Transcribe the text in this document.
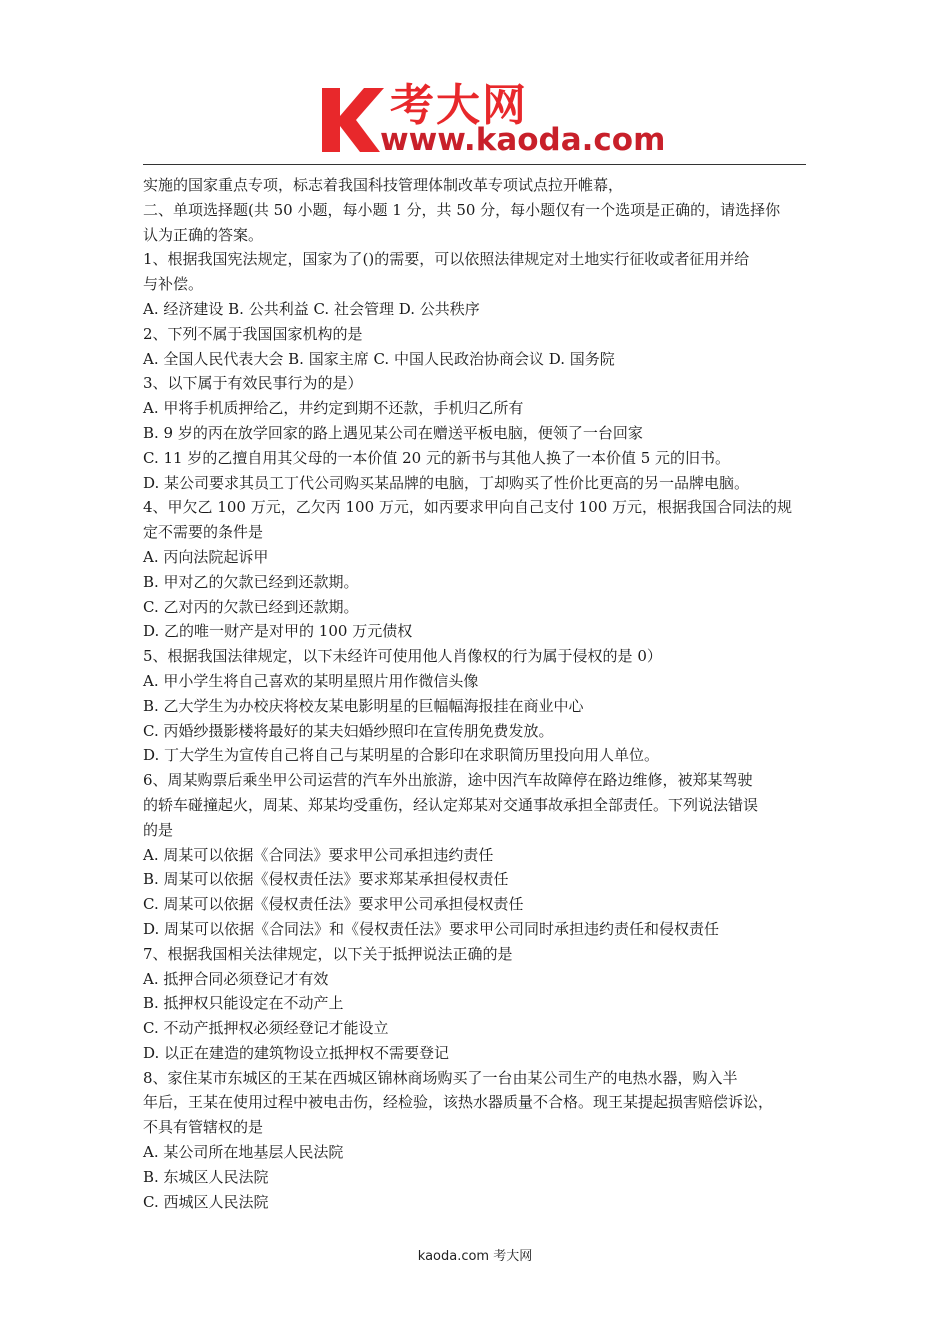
考大网
www.kaoda.com
实施的国家重点专项，标志着我国科技管理体制改革专项试点拉开帷幕，
二、单项选择题(共 50 小题，每小题 1 分，共 50 分，每小题仅有一个选项是正确的，请选择你
认为正确的答案。
1、根据我国宪法规定，国家为了()的需要，可以依照法律规定对土地实行征收或者征用并给
与补偿。
A. 经济建设 B. 公共利益 C. 社会管理 D. 公共秩序
2、下列不属于我国国家机构的是
A. 全国人民代表大会 B. 国家主席 C. 中国人民政治协商会议 D. 国务院
3、以下属于有效民事行为的是）
A. 甲将手机质押给乙，井约定到期不还款，手机归乙所有
B. 9 岁的丙在放学回家的路上遇见某公司在赠送平板电脑，便领了一台回家
C. 11 岁的乙擅自用其父母的一本价值 20 元的新书与其他人换了一本价值 5 元的旧书。
D. 某公司要求其员工丁代公司购买某品牌的电脑，丁却购买了性价比更高的另一品牌电脑。
4、甲欠乙 100 万元，乙欠丙 100 万元，如丙要求甲向自己支付 100 万元，根据我国合同法的规
定不需要的条件是
A. 丙向法院起诉甲
B. 甲对乙的欠款已经到还款期。
C. 乙对丙的欠款已经到还款期。
D. 乙的唯一财产是对甲的 100 万元债权
5、根据我国法律规定，以下未经许可使用他人肖像权的行为属于侵权的是 0）
A. 甲小学生将自己喜欢的某明星照片用作微信头像
B. 乙大学生为办校庆将校友某电影明星的巨幅幅海报挂在商业中心
C. 丙婚纱摄影楼将最好的某夫妇婚纱照印在宣传朋免费发放。
D. 丁大学生为宣传自己将自己与某明星的合影印在求职简历里投向用人单位。
6、周某购票后乘坐甲公司运营的汽车外出旅游，途中因汽车故障停在路边维修，被郑某驾驶
的轿车碰撞起火，周某、郑某均受重伤，经认定郑某对交通事故承担全部责任。下列说法错误
的是
A. 周某可以依据《合同法》要求甲公司承担违约责任
B. 周某可以依据《侵权责任法》要求郑某承担侵权责任
C. 周某可以依据《侵权责任法》要求甲公司承担侵权责任
D. 周某可以依据《合同法》和《侵权责任法》要求甲公司同时承担违约责任和侵权责任
7、根据我国相关法律规定，以下关于抵押说法正确的是
A. 抵押合同必须登记才有效
B. 抵押权只能设定在不动产上
C. 不动产抵押权必须经登记才能设立
D. 以正在建造的建筑物设立抵押权不需要登记
8、家住某市东城区的王某在西城区锦林商场购买了一台由某公司生产的电热水器，购入半
年后，王某在使用过程中被电击伤，经检验，该热水器质量不合格。现王某提起损害赔偿诉讼，
不具有管辖权的是
A. 某公司所在地基层人民法院
B. 东城区人民法院
C. 西城区人民法院
kaoda.com 考大网
